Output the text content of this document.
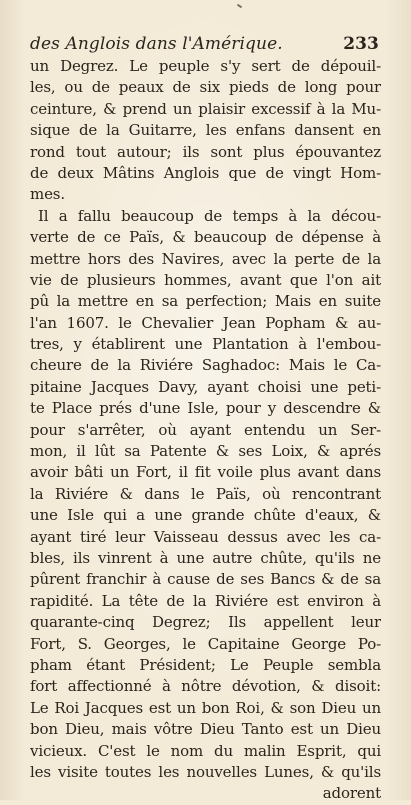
des Anglois dans l'Amérique.	233
un Degrez. Le peuple s'y sert de dépouil-
les, ou de peaux de six pieds de long pour
ceinture, & prend un plaisir excessif à la Mu-
sique de la Guitarre, les enfans dansent en
rond tout autour; ils sont plus épouvantez
de deux Mâtins Anglois que de vingt Hom-
mes.
Il a fallu beaucoup de temps à la décou-
verte de ce Païs, & beaucoup de dépense à
mettre hors des Navires, avec la perte de la
vie de plusieurs hommes, avant que l'on ait
pû la mettre en sa perfection; Mais en suite
l'an 1607. le Chevalier Jean Popham & au-
tres, y établirent une Plantation à l'embou-
cheure de la Riviére Saghadoc: Mais le Ca-
pitaine Jacques Davy, ayant choisi une peti-
te Place prés d'une Isle, pour y descendre &
pour s'arrêter, où ayant entendu un Ser-
mon, il lût sa Patente & ses Loix, & aprés
avoir bâti un Fort, il fit voile plus avant dans
la Riviére & dans le Païs, où rencontrant
une Isle qui a une grande chûte d'eaux, &
ayant tiré leur Vaisseau dessus avec les ca-
bles, ils vinrent à une autre chûte, qu'ils ne
pûrent franchir à cause de ses Bancs & de sa
rapidité. La tête de la Riviére est environ à
quarante-cinq Degrez; Ils appellent leur
Fort, S. Georges, le Capitaine George Po-
pham étant Président; Le Peuple sembla
fort affectionné à nôtre dévotion, & disoit:
Le Roi Jacques est un bon Roi, & son Dieu un
bon Dieu, mais vôtre Dieu Tanto est un Dieu
vicieux. C'est le nom du malin Esprit, qui
les visite toutes les nouvelles Lunes, & qu'ils
adorent
